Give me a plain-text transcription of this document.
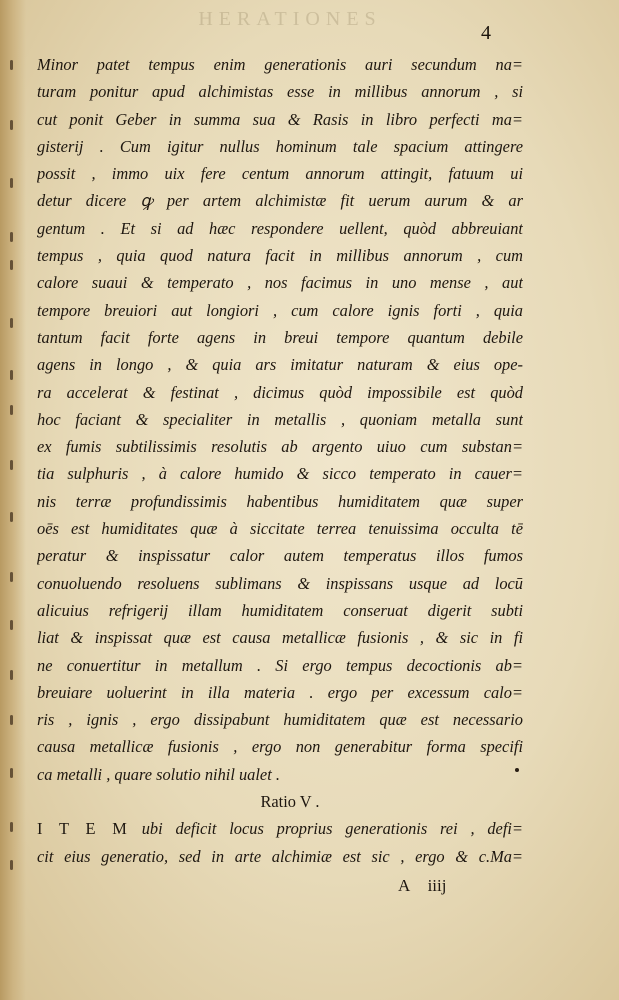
HERATIONES
4
Minor patet tempus enim generationis auri secundum na=
turam ponitur apud alchimistas esse in millibus annorum , si
cut ponit Geber in summa sua & Rasis in libro perfecti ma=
gisterij . Cum igitur nullus hominum tale spacium attingere
possit , immo uix fere centum annorum attingit, fatuum ui
detur dicere ꝙ per artem alchimistæ fit uerum aurum & ar
gentum . Et si ad hæc respondere uellent, quòd abbreuiant
tempus , quia quod natura facit in millibus annorum , cum
calore suaui & temperato , nos facimus in uno mense , aut
tempore breuiori aut longiori , cum calore ignis forti , quia
tantum facit forte agens in breui tempore quantum debile
agens in longo , & quia ars imitatur naturam & eius ope-
ra accelerat & festinat , dicimus quòd impossibile est quòd
hoc faciant & specialiter in metallis , quoniam metalla sunt
ex fumis subtilissimis resolutis ab argento uiuo cum substan=
tia sulphuris , à calore humido & sicco temperato in cauer=
nis terræ profundissimis habentibus humiditatem quæ super
oēs est humiditates quæ à siccitate terrea tenuissima occulta tē
peratur & inspissatur calor autem temperatus illos fumos
conuoluendo resoluens sublimans & inspissans usque ad locū
alicuius refrigerij illam humiditatem conseruat digerit subti
liat & inspissat quæ est causa metallicæ fusionis , & sic in fi
ne conuertitur in metallum . Si ergo tempus decoctionis ab=
breuiare uoluerint in illa materia . ergo per excessum calo=
ris , ignis , ergo dissipabunt humiditatem quæ est necessario
causa metallicæ fusionis , ergo non generabitur forma specifi
ca metalli , quare solutio nihil ualet .
Ratio V .
I T E M ubi deficit locus proprius generationis rei , defi=
cit eius generatio, sed in arte alchimiæ est sic , ergo & c.Ma=
A iiij
